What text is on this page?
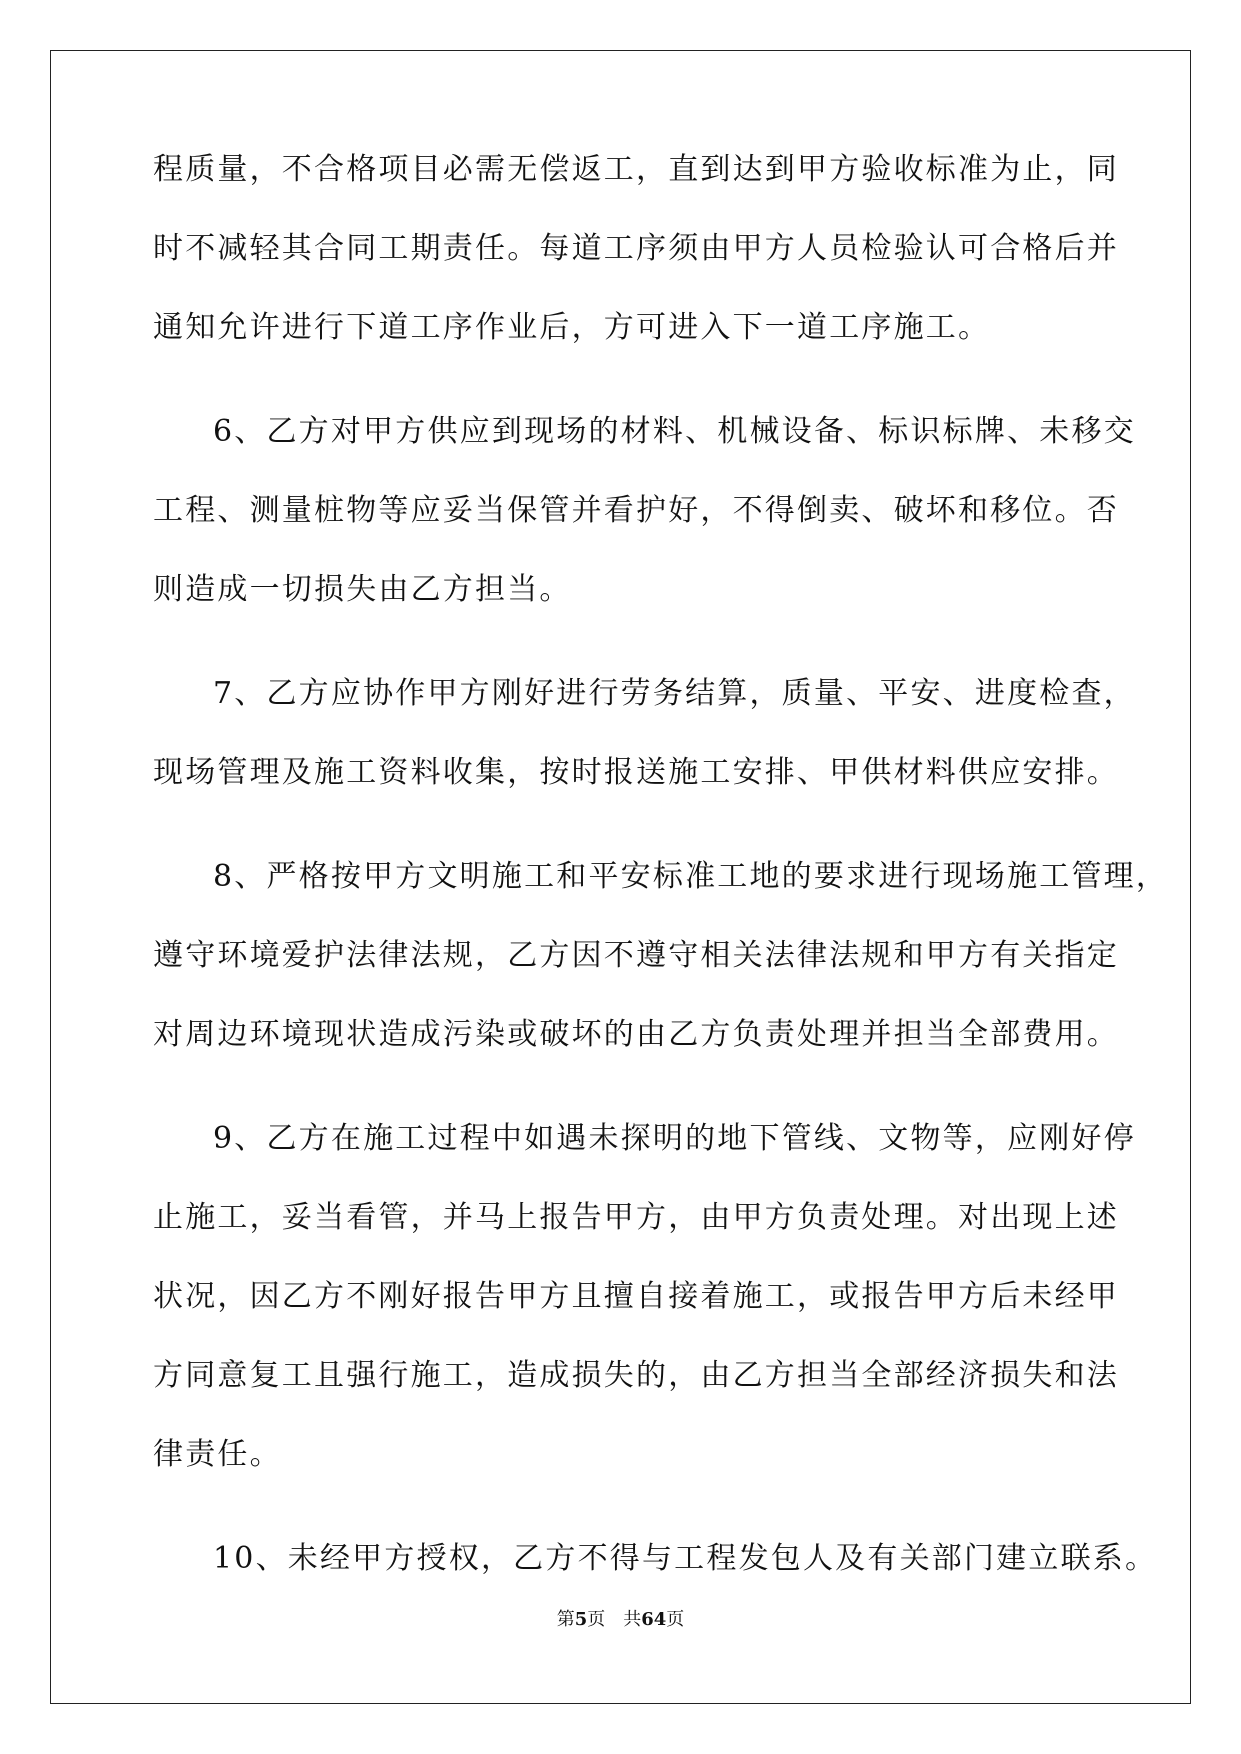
程质量，不合格项目必需无偿返工，直到达到甲方验收标准为止，同
时不减轻其合同工期责任。每道工序须由甲方人员检验认可合格后并
通知允许进行下道工序作业后，方可进入下一道工序施工。
6、乙方对甲方供应到现场的材料、机械设备、标识标牌、未移交
工程、测量桩物等应妥当保管并看护好，不得倒卖、破坏和移位。否
则造成一切损失由乙方担当。
7、乙方应协作甲方刚好进行劳务结算，质量、平安、进度检查，
现场管理及施工资料收集，按时报送施工安排、甲供材料供应安排。
8、严格按甲方文明施工和平安标准工地的要求进行现场施工管理，
遵守环境爱护法律法规，乙方因不遵守相关法律法规和甲方有关指定
对周边环境现状造成污染或破坏的由乙方负责处理并担当全部费用。
9、乙方在施工过程中如遇未探明的地下管线、文物等，应刚好停
止施工，妥当看管，并马上报告甲方，由甲方负责处理。对出现上述
状况，因乙方不刚好报告甲方且擅自接着施工，或报告甲方后未经甲
方同意复工且强行施工，造成损失的，由乙方担当全部经济损失和法
律责任。
10、未经甲方授权，乙方不得与工程发包人及有关部门建立联系。
第5页　共64页
